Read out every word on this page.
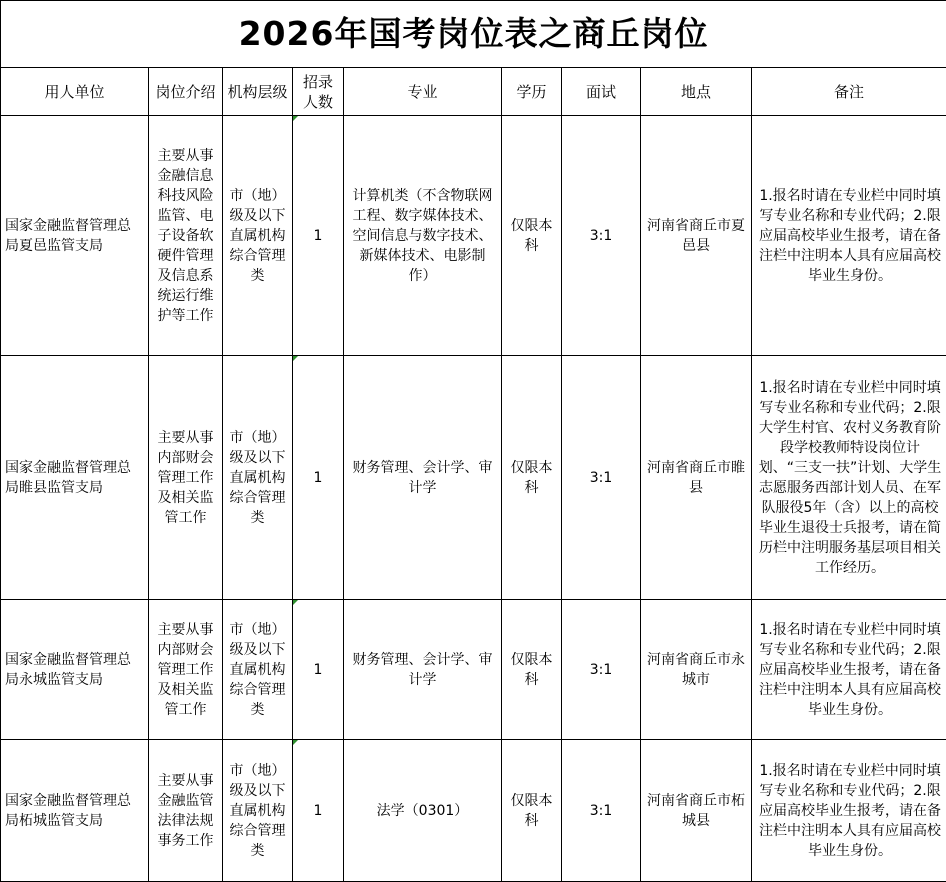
2026年国考岗位表之商丘岗位								
用人单位	岗位介绍	机构层级	招录人数	专业	学历	面试	地点	备注
国家金融监督管理总局夏邑监管支局	主要从事金融信息科技风险监管、电子设备软硬件管理及信息系统运行维护等工作	市（地）级及以下直属机构综合管理类	1	计算机类（不含物联网工程、数字媒体技术、空间信息与数字技术、新媒体技术、电影制作）	仅限本科	3:1	河南省商丘市夏邑县	1.报名时请在专业栏中同时填写专业名称和专业代码；2.限应届高校毕业生报考，请在备注栏中注明本人具有应届高校毕业生身份。
国家金融监督管理总局睢县监管支局	主要从事内部财会管理工作及相关监管工作	市（地）级及以下直属机构综合管理类	1	财务管理、会计学、审计学	仅限本科	3:1	河南省商丘市睢县	1.报名时请在专业栏中同时填写专业名称和专业代码；2.限大学生村官、农村义务教育阶段学校教师特设岗位计划、“三支一扶”计划、大学生志愿服务西部计划人员、在军队服役5年（含）以上的高校毕业生退役士兵报考，请在简历栏中注明服务基层项目相关工作经历。
国家金融监督管理总局永城监管支局	主要从事内部财会管理工作及相关监管工作	市（地）级及以下直属机构综合管理类	1	财务管理、会计学、审计学	仅限本科	3:1	河南省商丘市永城市	1.报名时请在专业栏中同时填写专业名称和专业代码；2.限应届高校毕业生报考，请在备注栏中注明本人具有应届高校毕业生身份。
国家金融监督管理总局柘城监管支局	主要从事金融监管法律法规事务工作	市（地）级及以下直属机构综合管理类	1	法学（0301）	仅限本科	3:1	河南省商丘市柘城县	1.报名时请在专业栏中同时填写专业名称和专业代码；2.限应届高校毕业生报考，请在备注栏中注明本人具有应届高校毕业生身份。
